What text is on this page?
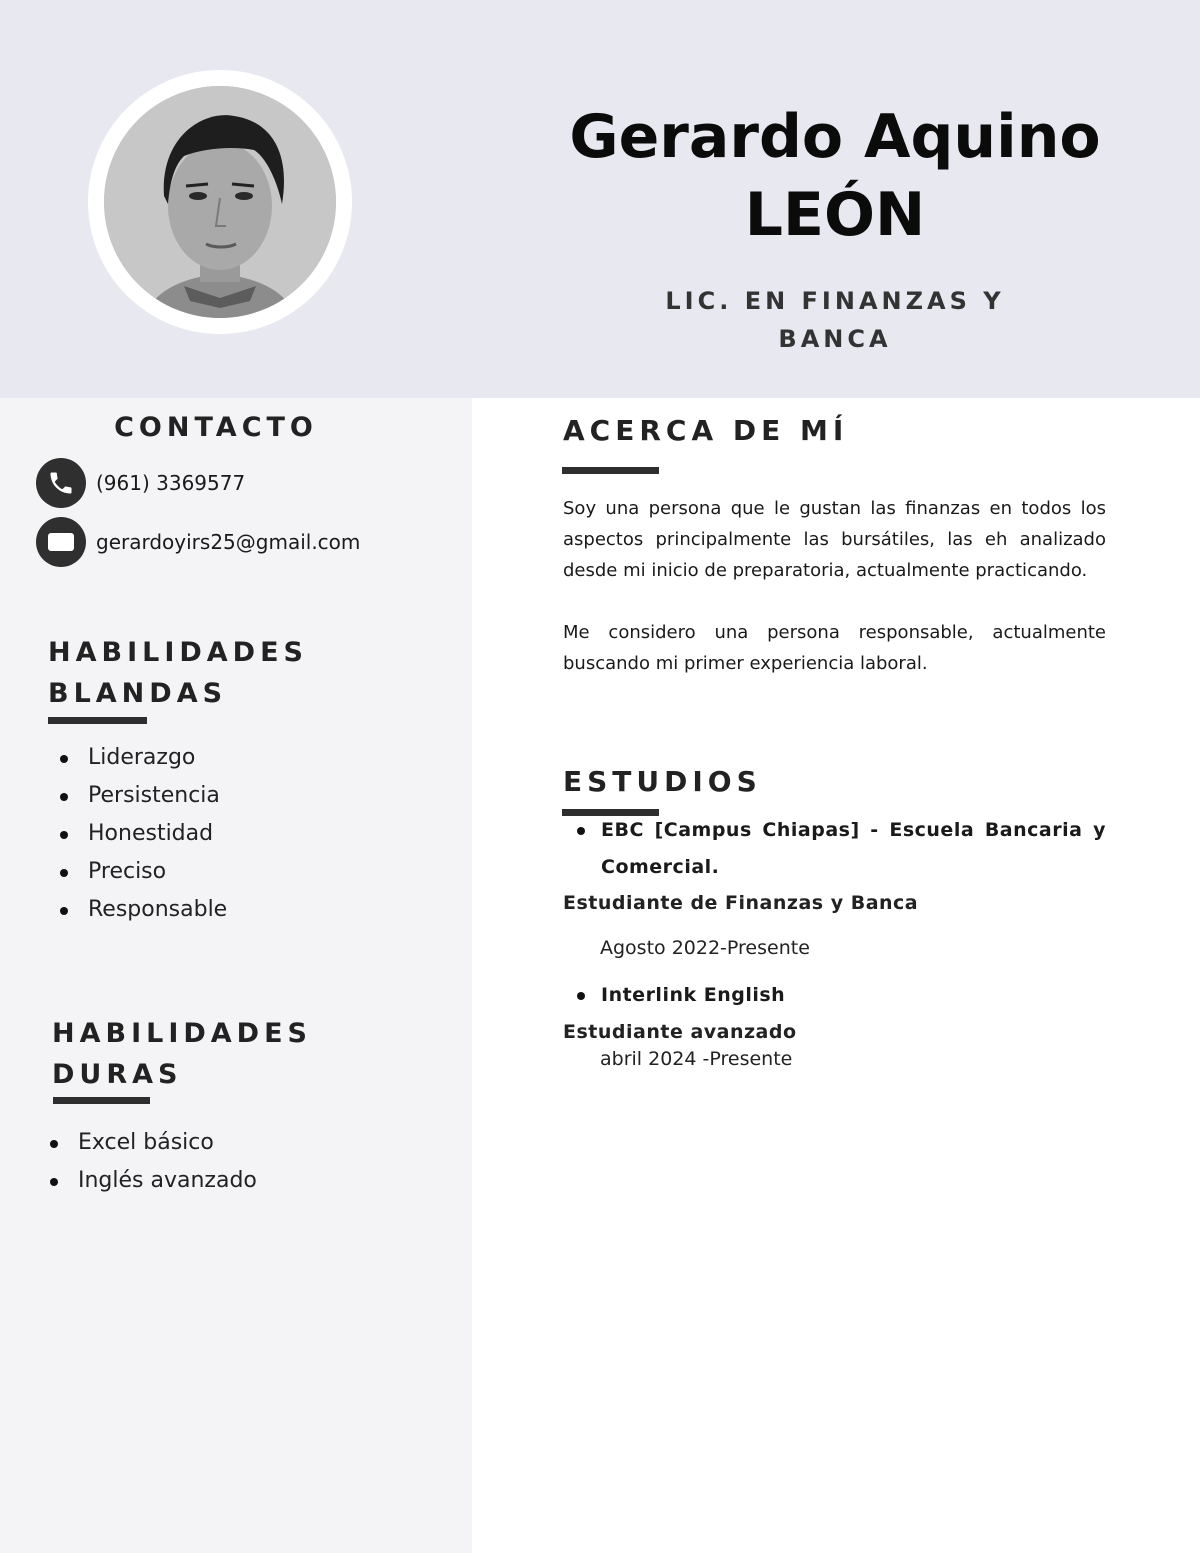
Gerardo Aquino
LEÓN
LIC. EN FINANZAS Y
BANCA
CONTACTO
(961) 3369577
gerardoyirs25@gmail.com
HABILIDADES
BLANDAS
Liderazgo
Persistencia
Honestidad
Preciso
Responsable
HABILIDADES
DURAS
Excel básico
Inglés avanzado
ACERCA DE MÍ

Soy una persona que le gustan las finanzas en todos los aspectos principalmente las bursátiles, las eh analizado desde mi inicio de preparatoria, actualmente practicando.

Me considero una persona responsable, actualmente buscando mi primer experiencia laboral.

ESTUDIOS
EBC [Campus Chiapas] - Escuela Bancaria y Comercial.
Estudiante de Finanzas y Banca
Agosto 2022-Presente
Interlink English
Estudiante avanzado
abril 2024 -Presente
